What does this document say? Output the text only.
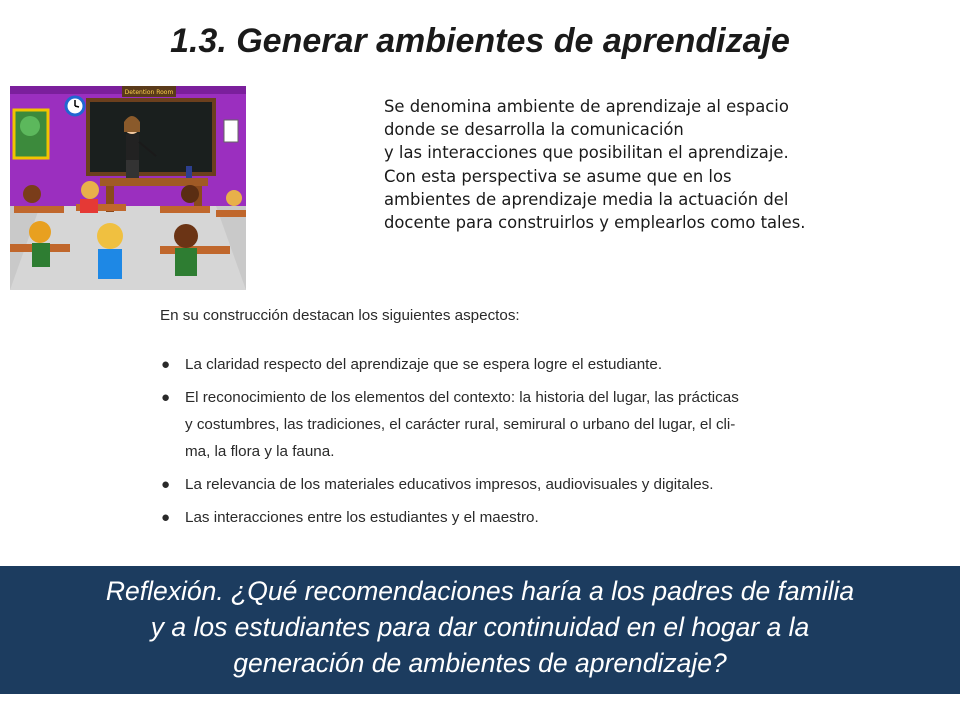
1.3. Generar ambientes de aprendizaje
Detention Room
Se denomina ambiente de aprendizaje al espacio
donde se desarrolla la comunicación
y las interacciones que posibilitan el aprendizaje.
Con esta perspectiva se asume que en los
ambientes de aprendizaje media la actuación del
docente para construirlos y emplearlos como tales.
En su construcción destacan los siguientes aspectos:
● La claridad respecto del aprendizaje que se espera logre el estudiante.
● El reconocimiento de los elementos del contexto: la historia del lugar, las prácticas
y costumbres, las tradiciones, el carácter rural, semirural o urbano del lugar, el cli-
ma, la flora y la fauna.
● La relevancia de los materiales educativos impresos, audiovisuales y digitales.
● Las interacciones entre los estudiantes y el maestro.
Reflexión. ¿Qué recomendaciones haría a los padres de familia
y a los estudiantes para dar continuidad en el hogar a la
generación de ambientes de aprendizaje?
